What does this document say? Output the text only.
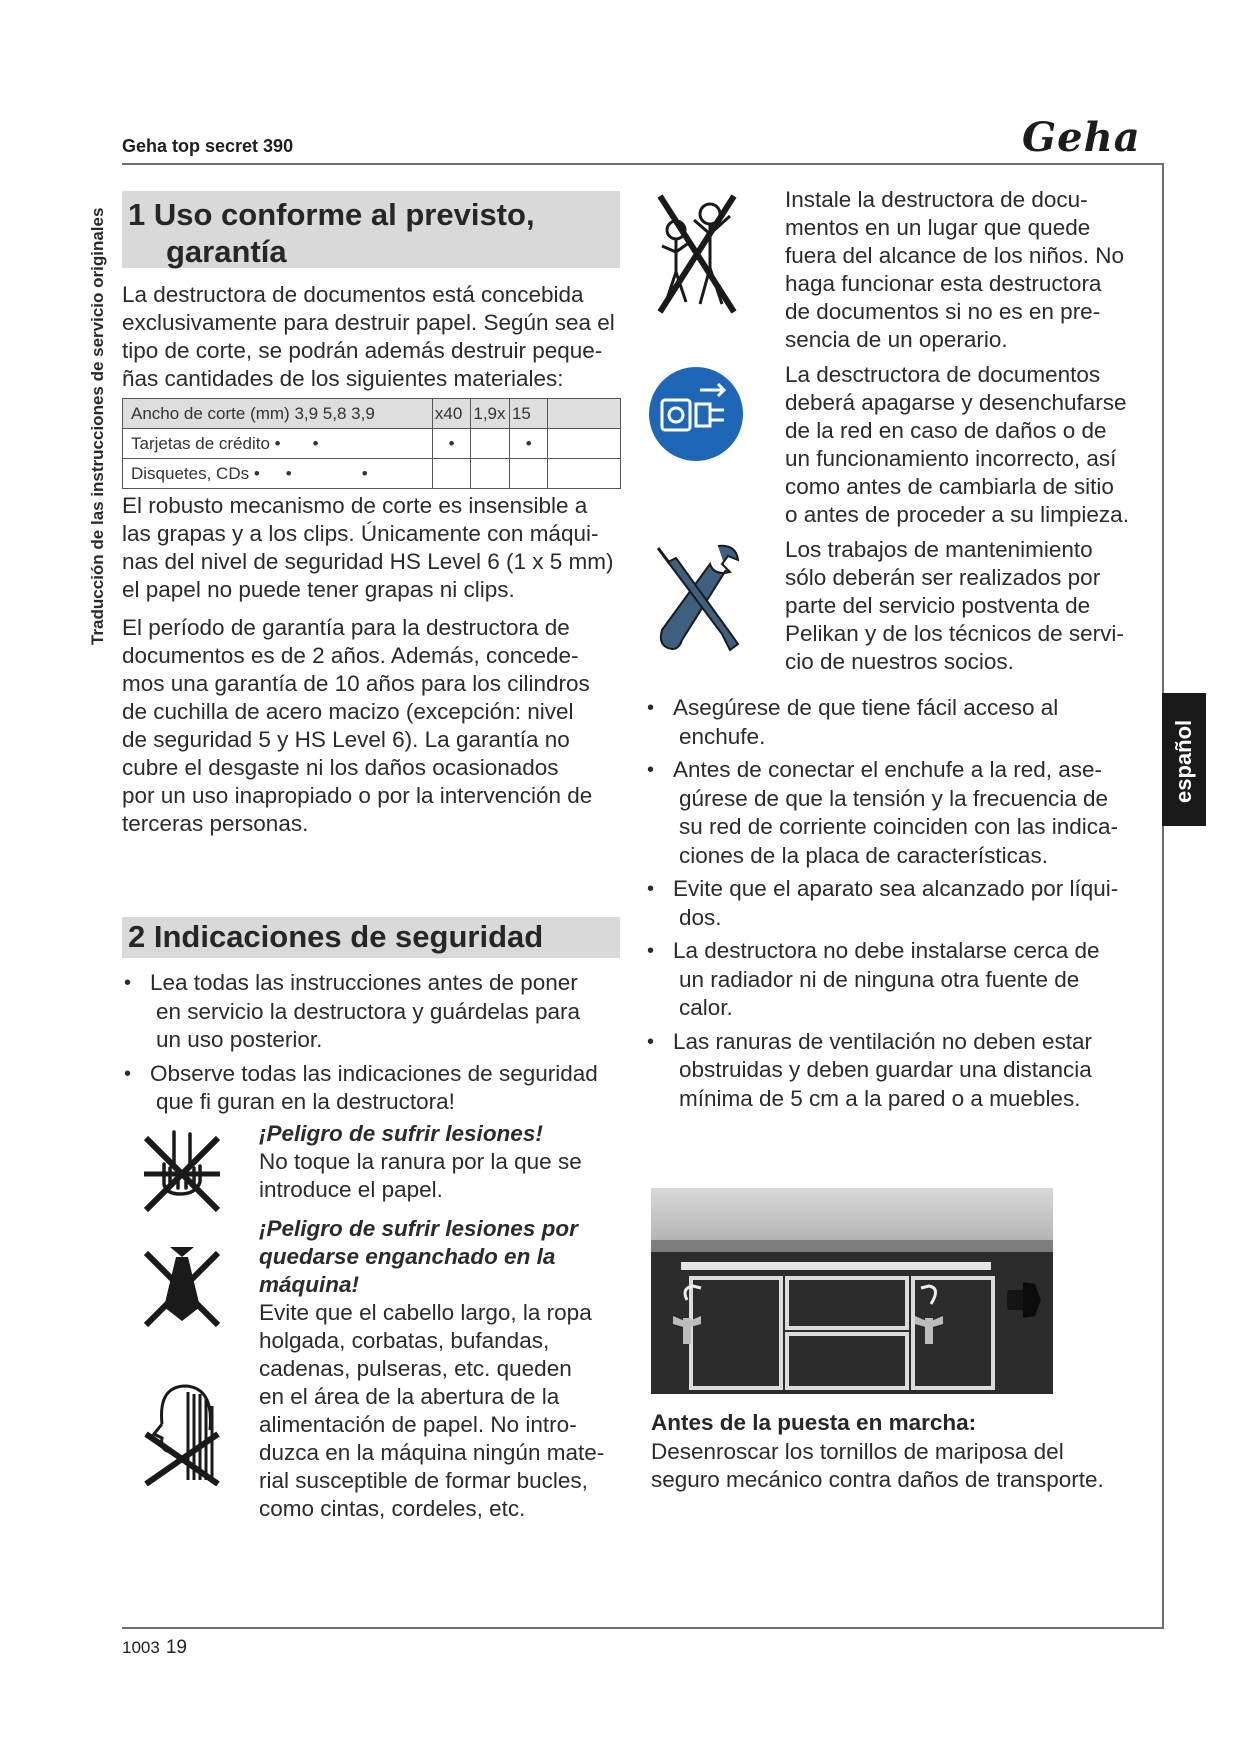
Geha top secret 390	Geha
Traducción de las instrucciones de servicio originales
español
1 Uso conforme al previsto,
garantía
La destructora de documentos está concebida
exclusivamente para destruir papel. Según sea el
tipo de corte, se podrán además destruir peque-
ñas cantidades de los siguientes materiales:
Ancho de corte (mm) 3,9 5,8 3,9	x40	1,9x	15	
Tarjetas de crédito • •	•		•	
Disquetes, CDs • • •				
El robusto mecanismo de corte es insensible a
las grapas y a los clips. Únicamente con máqui-
nas del nivel de seguridad HS Level 6 (1 x 5 mm)
el papel no puede tener grapas ni clips.
El período de garantía para la destructora de
documentos es de 2 años. Además, concede-
mos una garantía de 10 años para los cilindros
de cuchilla de acero macizo (excepción: nivel
de seguridad 5 y HS Level 6). La garantía no
cubre el desgaste ni los daños ocasionados
por un uso inapropiado o por la intervención de
terceras personas.
2 Indicaciones de seguridad
• Lea todas las instrucciones antes de poner
en servicio la destructora y guárdelas para
un uso posterior.
• Observe todas las indicaciones de seguridad
que fi guran en la destructora!
¡Peligro de sufrir lesiones!
No toque la ranura por la que se
introduce el papel.
¡Peligro de sufrir lesiones por
quedarse enganchado en la
máquina!
Evite que el cabello largo, la ropa
holgada, corbatas, bufandas,
cadenas, pulseras, etc. queden
en el área de la abertura de la
alimentación de papel. No intro-
duzca en la máquina ningún mate-
rial susceptible de formar bucles,
como cintas, cordeles, etc.
Instale la destructora de docu-
mentos en un lugar que quede
fuera del alcance de los niños. No
haga funcionar esta destructora
de documentos si no es en pre-
sencia de un operario.
La desctructora de documentos
deberá apagarse y desenchufarse
de la red en caso de daños o de
un funcionamiento incorrecto, así
como antes de cambiarla de sitio
o antes de proceder a su limpieza.
Los trabajos de mantenimiento
sólo deberán ser realizados por
parte del servicio postventa de
Pelikan y de los técnicos de servi-
cio de nuestros socios.
• Asegúrese de que tiene fácil acceso al
enchufe.
• Antes de conectar el enchufe a la red, ase-
gúrese de que la tensión y la frecuencia de
su red de corriente coinciden con las indica-
ciones de la placa de características.
• Evite que el aparato sea alcanzado por líqui-
dos.
• La destructora no debe instalarse cerca de
un radiador ni de ninguna otra fuente de
calor.
• Las ranuras de ventilación no deben estar
obstruidas y deben guardar una distancia
mínima de 5 cm a la pared o a muebles.
Antes de la puesta en marcha:
Desenroscar los tornillos de mariposa del
seguro mecánico contra daños de transporte.
1003 19
